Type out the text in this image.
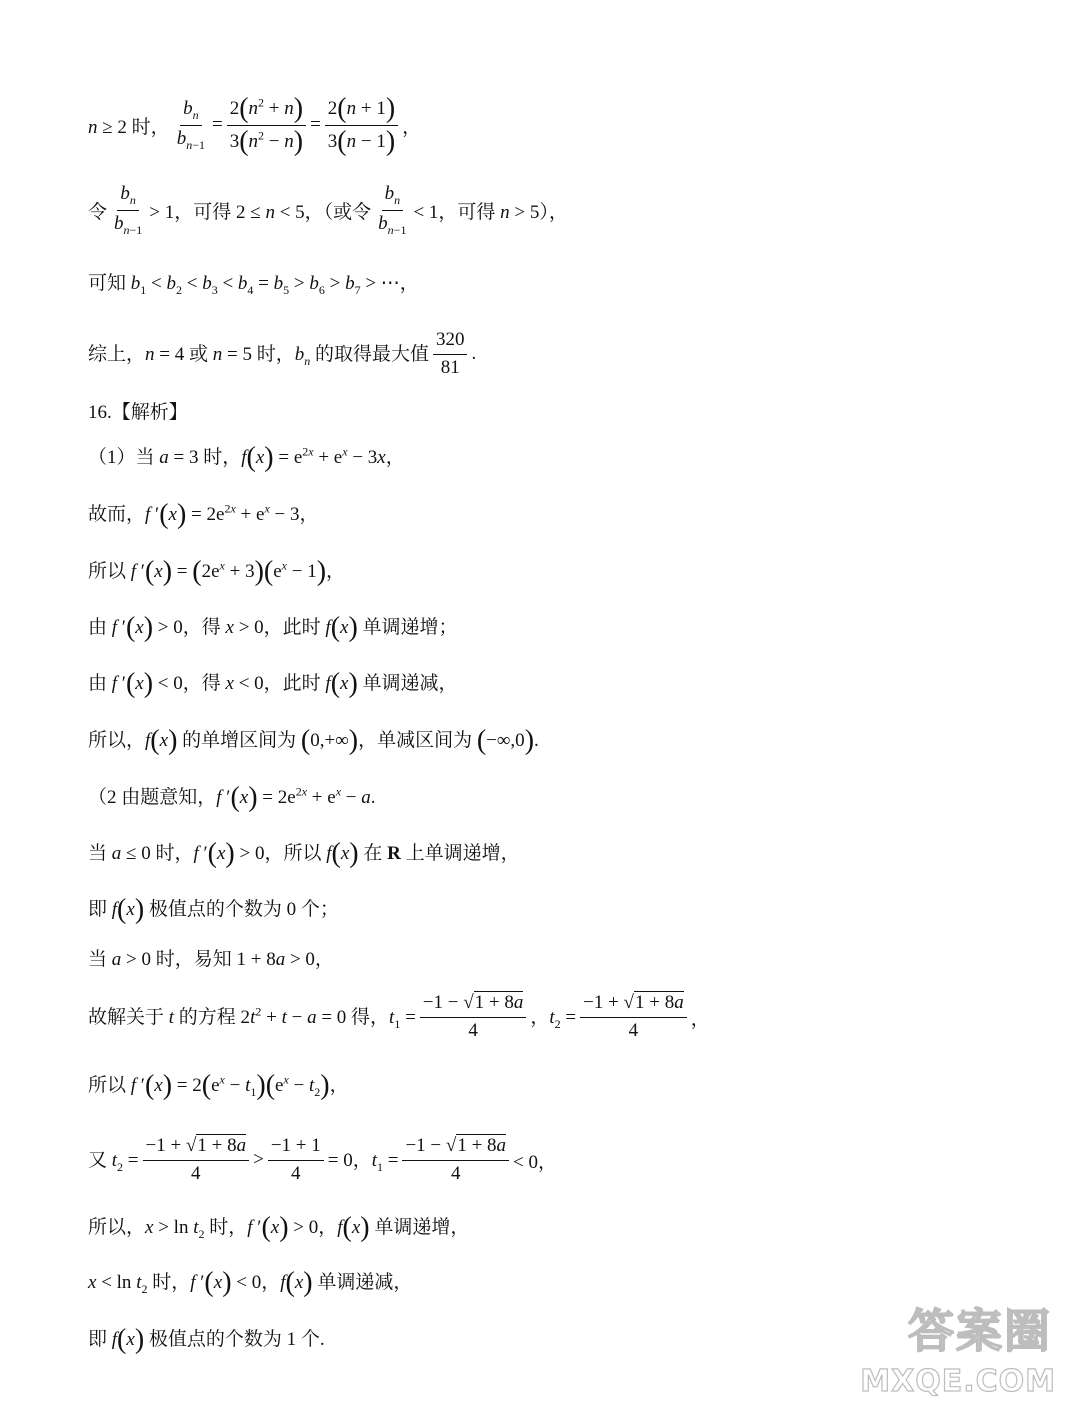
n ≥ 2 时， $\frac{b_n}{b_{n-1}} = \frac{2(n^2 + n)}{3(n^2 - n)} = \frac{2(n + 1)}{3(n - 1)}$ ，
令 $\frac{b_n}{b_{n-1}} > 1$，可得 2 ≤ n < 5，（或令 $\frac{b_n}{b_{n-1}} < 1$，可得 n > 5），
可知 $b_1 < b_2 < b_3 < b_4 = b_5 > b_6 > b_7$ > ⋯，
综上，n = 4 或 n = 5 时，$b_n$ 的取得最大值 $\frac{320}{81}$ .
16.【解析】
（1）当 a = 3 时，$f(x) = e^{2x} + e^x - 3x$，
故而，f $'(x) = 2e^{2x} + e^x - 3$，
所以 f $'(x) = (2e^x + 3)(e^x - 1)$，
由 f ′(x) > 0，得 x > 0，此时 f(x) 单调递增；
由 f ′(x) < 0，得 x < 0，此时 f(x) 单调递减，
所以，f(x) 的单增区间为 (0,+∞)，单减区间为 (−∞,0).
（2 由题意知，f $'(x) = 2e^{2x} + e^x - a$.
当 a ≤ 0 时，f ′(x) > 0，所以 f(x) 在 R 上单调递增，
即 f(x) 极值点的个数为 0 个；
当 a > 0 时，易知 1 + 8a > 0，
故解关于 t 的方程 $2t^2 + t - a = 0$ 得，$t_1 = \frac{-1 - √1 + 8a}{4}$ ，$t_2 = \frac{-1 + √1 + 8a}{4}$ ，
所以 f $'(x) = 2(e^x - t_1)(e^x - t_2)$，
又 $t_2 = \frac{-1 + √1 + 8a}{4} > \frac{-1 + 1}{4} = 0$，$t_1 = \frac{-1 - √1 + 8a}{4} < 0$，
所以，$x > \ln t_2$ 时，f ′(x) > 0，f(x) 单调递增，
$x < \ln t_2$ 时，f ′(x) < 0，f(x) 单调递减，
即 f(x) 极值点的个数为 1 个.	答案圈
MXQE.COM
